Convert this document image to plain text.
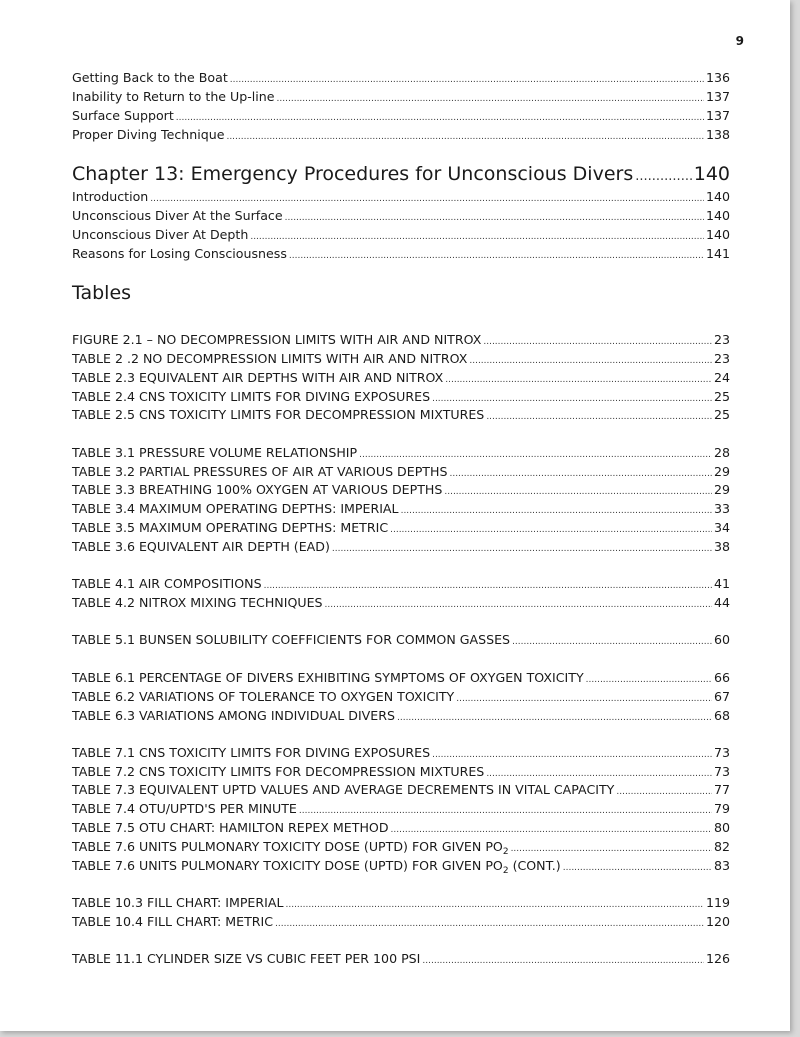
9
Getting Back to the Boat .....	136
Inability to Return to the Up-line .....	137
Surface Support .....	137
Proper Diving Technique .....	138
Chapter 13: Emergency Procedures for Unconscious Divers .....	140
Introduction .....	140
Unconscious Diver At the Surface .....	140
Unconscious Diver At Depth .....	140
Reasons for Losing Consciousness .....	141
Tables
FIGURE 2.1 – NO DECOMPRESSION LIMITS WITH AIR AND NITROX .....	23
TABLE 2 .2 NO DECOMPRESSION LIMITS WITH AIR AND NITROX .....	23
TABLE 2.3 EQUIVALENT AIR DEPTHS WITH AIR AND NITROX .....	24
TABLE 2.4 CNS TOXICITY LIMITS FOR DIVING EXPOSURES .....	25
TABLE 2.5 CNS TOXICITY LIMITS FOR DECOMPRESSION MIXTURES .....	25
TABLE 3.1 PRESSURE VOLUME RELATIONSHIP .....	28
TABLE 3.2 PARTIAL PRESSURES OF AIR AT VARIOUS DEPTHS .....	29
TABLE 3.3 BREATHING 100% OXYGEN AT VARIOUS DEPTHS .....	29
TABLE 3.4 MAXIMUM OPERATING DEPTHS: IMPERIAL .....	33
TABLE 3.5 MAXIMUM OPERATING DEPTHS: METRIC .....	34
TABLE 3.6 EQUIVALENT AIR DEPTH (EAD) .....	38
TABLE 4.1 AIR COMPOSITIONS .....	41
TABLE 4.2 NITROX MIXING TECHNIQUES .....	44
TABLE 5.1 BUNSEN SOLUBILITY COEFFICIENTS FOR COMMON GASSES .....	60
TABLE 6.1 PERCENTAGE OF DIVERS EXHIBITING SYMPTOMS OF OXYGEN TOXICITY .....	66
TABLE 6.2 VARIATIONS OF TOLERANCE TO OXYGEN TOXICITY .....	67
TABLE 6.3 VARIATIONS AMONG INDIVIDUAL DIVERS .....	68
TABLE 7.1 CNS TOXICITY LIMITS FOR DIVING EXPOSURES .....	73
TABLE 7.2 CNS TOXICITY LIMITS FOR DECOMPRESSION MIXTURES .....	73
TABLE 7.3 EQUIVALENT UPTD VALUES AND AVERAGE DECREMENTS IN VITAL CAPACITY .....	77
TABLE 7.4 OTU/UPTD'S PER MINUTE .....	79
TABLE 7.5 OTU CHART: HAMILTON REPEX METHOD .....	80
TABLE 7.6 UNITS PULMONARY TOXICITY DOSE (UPTD) FOR GIVEN $PO_2$ .....	82
TABLE 7.6 UNITS PULMONARY TOXICITY DOSE (UPTD) FOR GIVEN $PO_2$ (CONT.) .....	83
TABLE 10.3 FILL CHART: IMPERIAL .....	119
TABLE 10.4 FILL CHART: METRIC .....	120
TABLE 11.1 CYLINDER SIZE VS CUBIC FEET PER 100 PSI .....	126
